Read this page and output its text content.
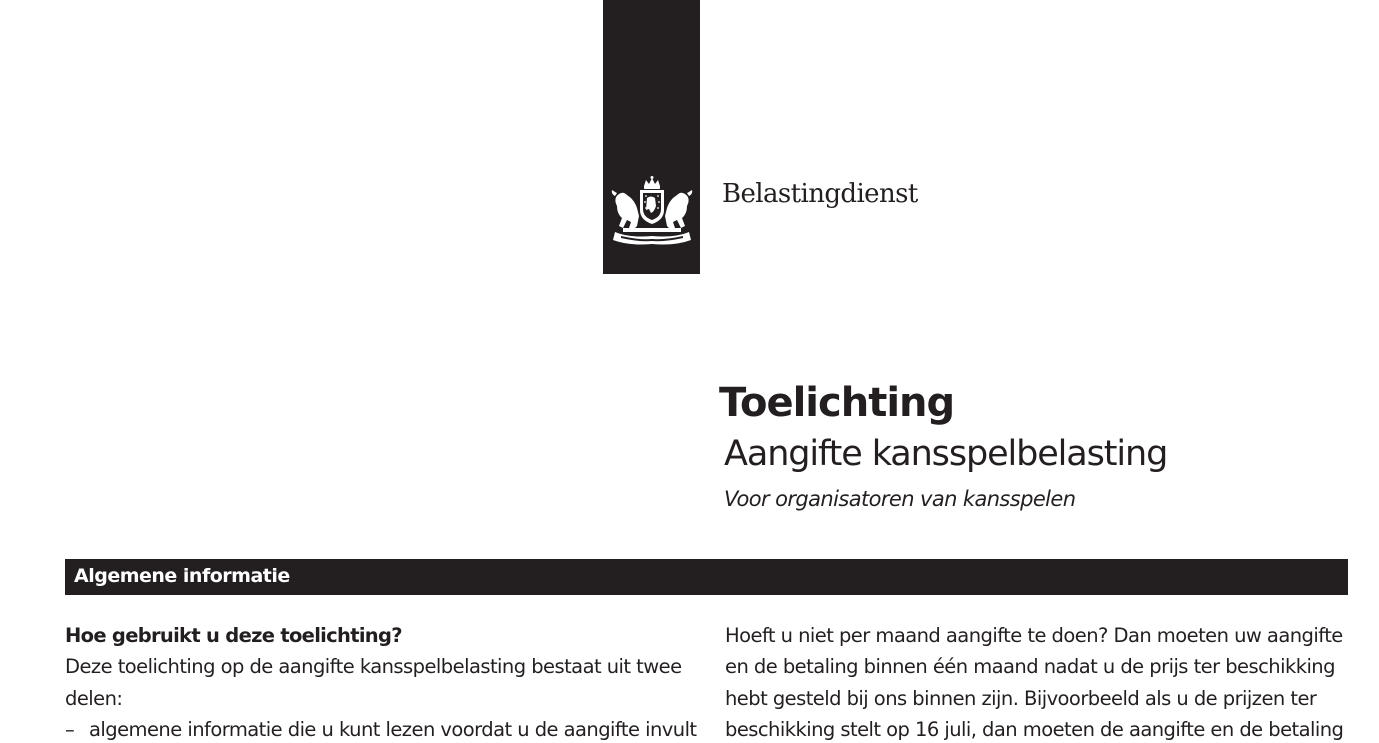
Belastingdienst
Toelichting
Aangifte kansspelbelasting
Voor organisatoren van kansspelen
Algemene informatie
Hoe gebruikt u deze toelichting?
Deze toelichting op de aangifte kansspelbelasting bestaat uit twee
delen:
– algemene informatie die u kunt lezen voordat u de aangifte invult
Hoeft u niet per maand aangifte te doen? Dan moeten uw aangifte
en de betaling binnen één maand nadat u de prijs ter beschikking
hebt gesteld bij ons binnen zijn. Bijvoorbeeld als u de prijzen ter
beschikking stelt op 16 juli, dan moeten de aangifte en de betaling
